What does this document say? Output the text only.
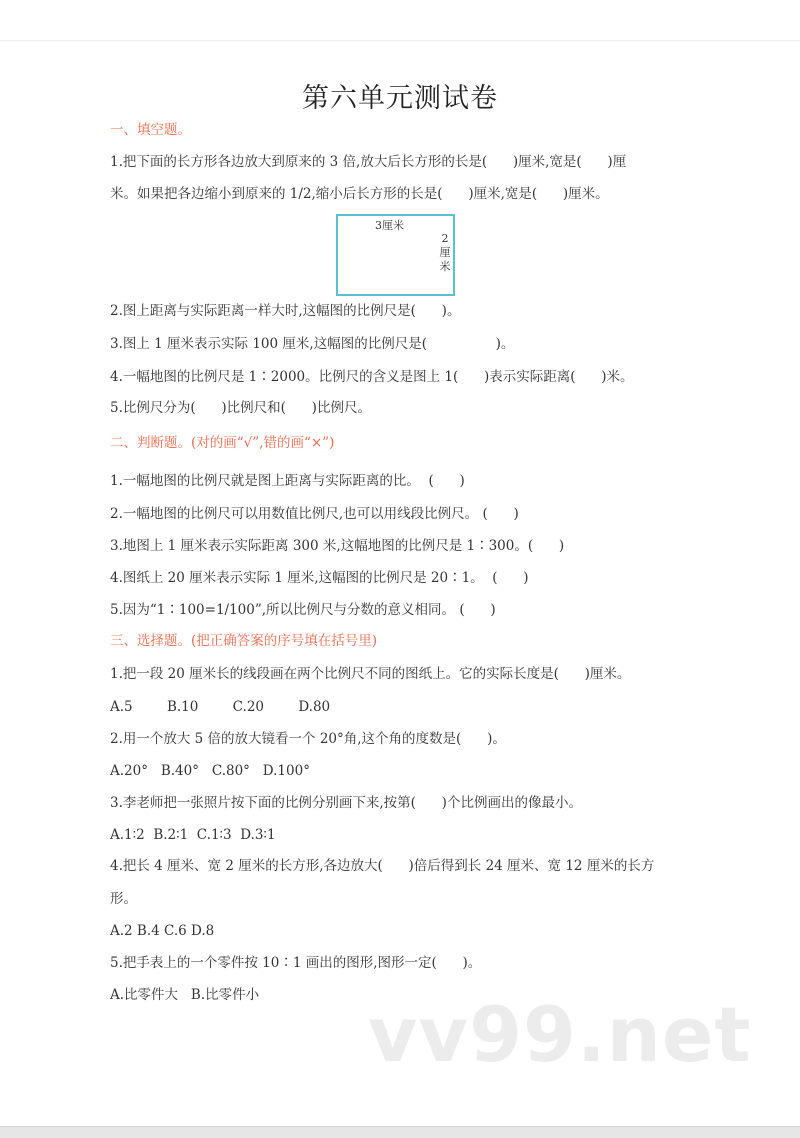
第六单元测试卷
一、填空题。
1.把下面的长方形各边放大到原来的 3 倍,放大后长方形的长是(      )厘米,宽是(      )厘
米。如果把各边缩小到原来的 1/2,缩小后长方形的长是(      )厘米,宽是(      )厘米。
3厘米
2厘米
2.图上距离与实际距离一样大时,这幅图的比例尺是(      )。
3.图上 1 厘米表示实际 100 厘米,这幅图的比例尺是(                )。
4.一幅地图的比例尺是 1∶2000。比例尺的含义是图上 1(      )表示实际距离(      )米。
5.比例尺分为(      )比例尺和(      )比例尺。
二、判断题。(对的画“√”,错的画“×”)
1.一幅地图的比例尺就是图上距离与实际距离的比。  (      )
2.一幅地图的比例尺可以用数值比例尺,也可以用线段比例尺。 (      )
3.地图上 1 厘米表示实际距离 300 米,这幅地图的比例尺是 1∶300。(      )
4.图纸上 20 厘米表示实际 1 厘米,这幅图的比例尺是 20∶1。  (      )
5.因为“1∶100=1/100”,所以比例尺与分数的意义相同。 (      )
三、选择题。(把正确答案的序号填在括号里)
1.把一段 20 厘米长的线段画在两个比例尺不同的图纸上。它的实际长度是(      )厘米。
A.5        B.10        C.20        D.80
2.用一个放大 5 倍的放大镜看一个 20°角,这个角的度数是(      )。
A.20°   B.40°   C.80°   D.100°
3.李老师把一张照片按下面的比例分别画下来,按第(      )个比例画出的像最小。
A.1∶2  B.2∶1  C.1∶3  D.3∶1
4.把长 4 厘米、宽 2 厘米的长方形,各边放大(      )倍后得到长 24 厘米、宽 12 厘米的长方
形。
A.2 B.4 C.6 D.8
5.把手表上的一个零件按 10∶1 画出的图形,图形一定(      )。
A.比零件大   B.比零件小 vv99.net
